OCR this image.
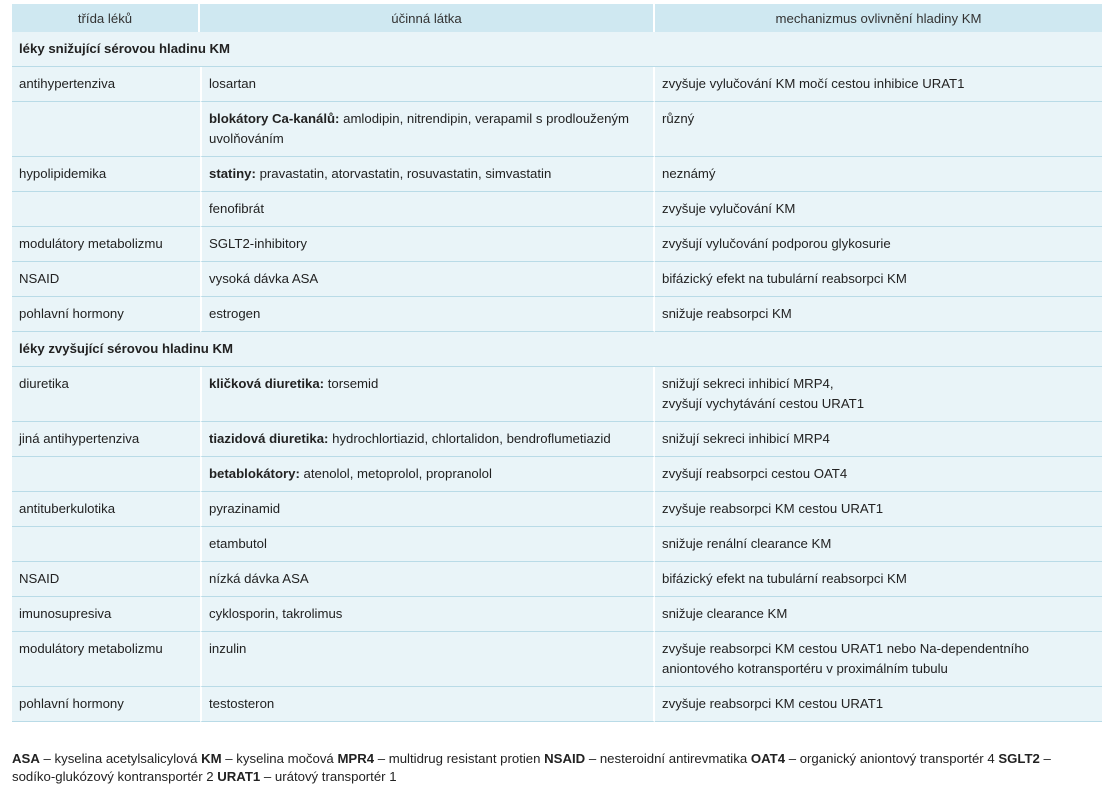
třída léků	účinná látka	mechanizmus ovlivnění hladiny KM
léky snižující sérovou hladinu KM		
antihypertenziva	losartan	zvyšuje vylučování KM močí cestou inhibice URAT1
	blokátory Ca-kanálů: amlodipin, nitrendipin, verapamil s prodlouženým uvolňováním	různý
hypolipidemika	statiny: pravastatin, atorvastatin, rosuvastatin, simvastatin	neznámý
	fenofibrát	zvyšuje vylučování KM
modulátory metabolizmu	SGLT2-inhibitory	zvyšují vylučování podporou glykosurie
NSAID	vysoká dávka ASA	bifázický efekt na tubulární reabsorpci KM
pohlavní hormony	estrogen	snižuje reabsorpci KM
léky zvyšující sérovou hladinu KM		
diuretika	kličková diuretika: torsemid	snižují sekreci inhibicí MRP4,
zvyšují vychytávání cestou URAT1
jiná antihypertenziva	tiazidová diuretika: hydrochlortiazid, chlortalidon, bendroflumetiazid	snižují sekreci inhibicí MRP4
	betablokátory: atenolol, metoprolol, propranolol	zvyšují reabsorpci cestou OAT4
antituberkulotika	pyrazinamid	zvyšuje reabsorpci KM cestou URAT1
	etambutol	snižuje renální clearance KM
NSAID	nízká dávka ASA	bifázický efekt na tubulární reabsorpci KM
imunosupresiva	cyklosporin, takrolimus	snižuje clearance KM
modulátory metabolizmu	inzulin	zvyšuje reabsorpci KM cestou URAT1 nebo Na-dependentního aniontového kotransportéru v proximálním tubulu
pohlavní hormony	testosteron	zvyšuje reabsorpci KM cestou URAT1
ASA – kyselina acetylsalicylová KM – kyselina močová MPR4 – multidrug resistant protien NSAID – nesteroidní antirevmatika OAT4 – organický aniontový transportér 4 SGLT2 – sodíko-glukózový kontransportér 2 URAT1 – urátový transportér 1
